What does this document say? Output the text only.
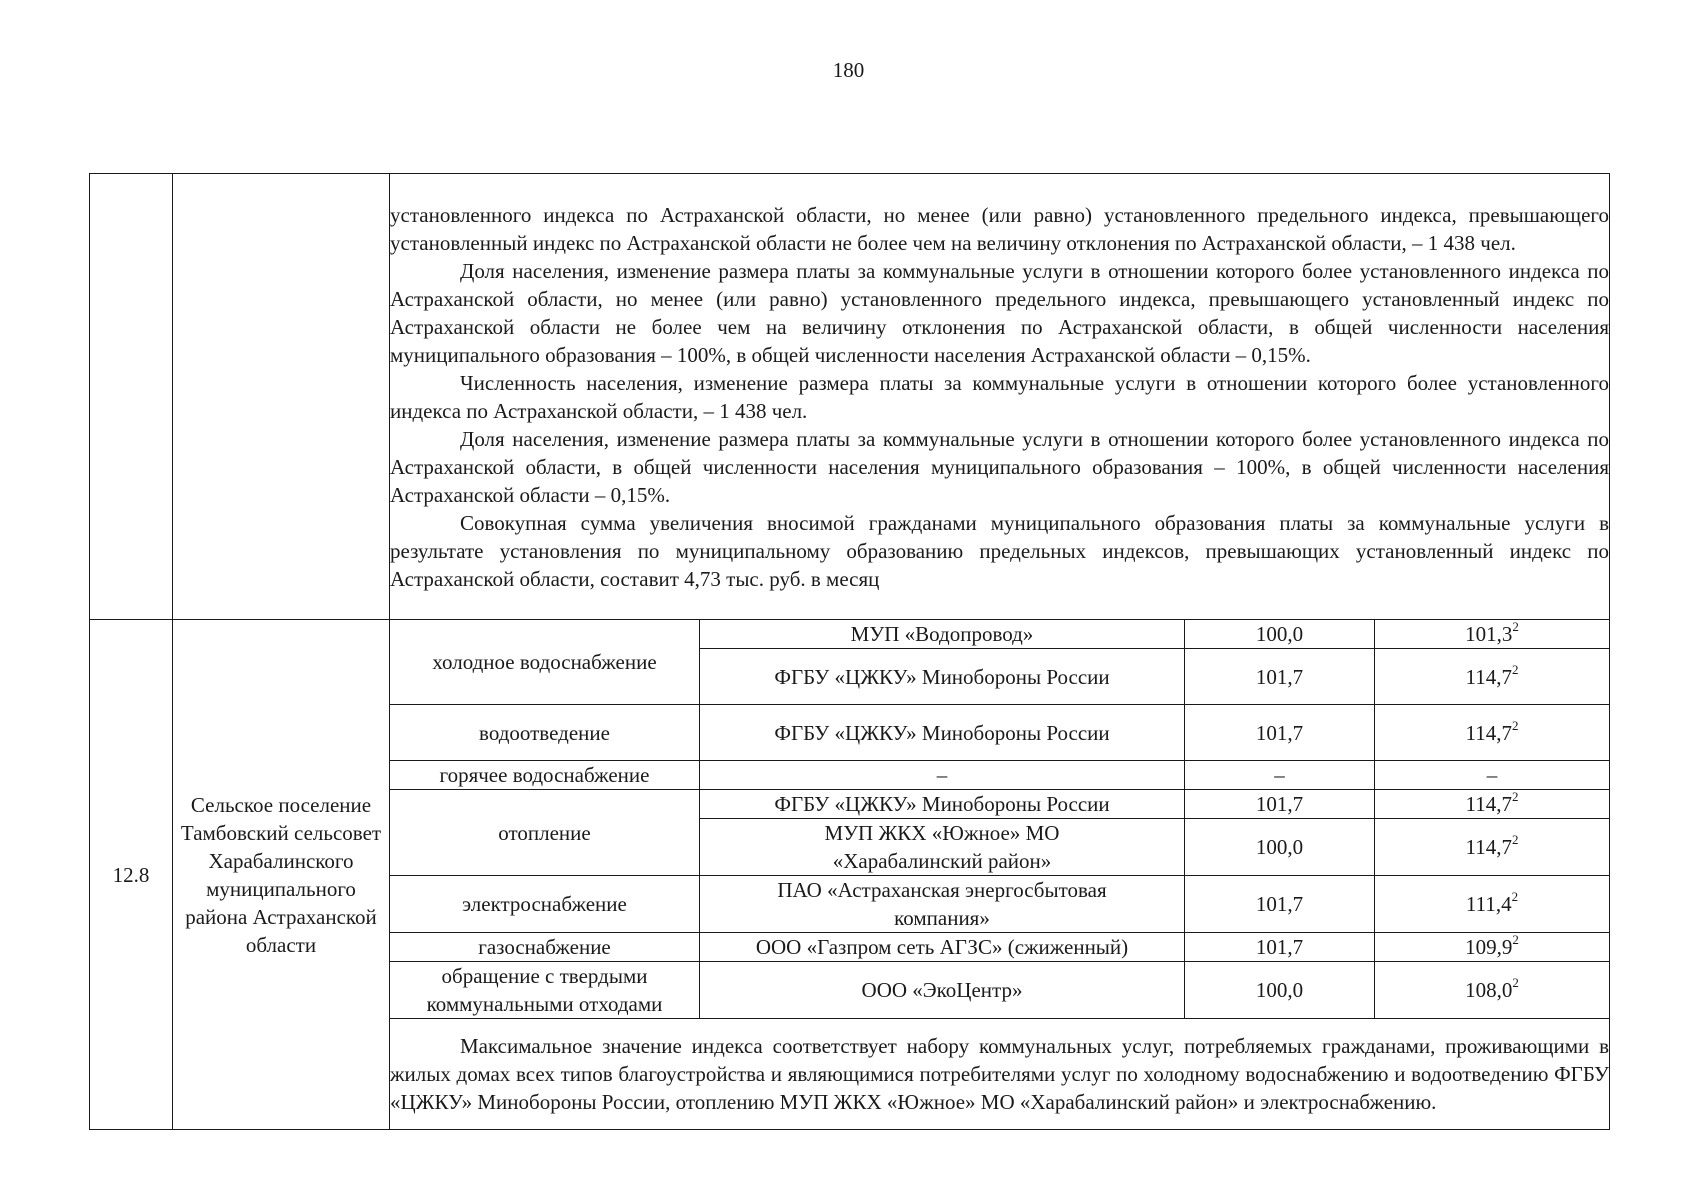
180

		установленного индекса по Астраханской области, но менее (или равно) установленного предельного индекса, превышающего установленный индекс по Астраханской области не более чем на величину отклонения по Астраханской области, – 1 438 чел.

Доля населения, изменение размера платы за коммунальные услуги в отношении которого более установленного индекса по Астраханской области, но менее (или равно) установленного предельного индекса, превышающего установленный индекс по Астраханской области не более чем на величину отклонения по Астраханской области, в общей численности населения муниципального образования – 100%, в общей численности населения Астраханской области – 0,15%.

Численность населения, изменение размера платы за коммунальные услуги в отношении которого более установленного индекса по Астраханской области, – 1 438 чел.

Доля населения, изменение размера платы за коммунальные услуги в отношении которого более установленного индекса по Астраханской области, в общей численности населения муниципального образования – 100%, в общей численности населения Астраханской области – 0,15%.

Совокупная сумма увеличения вносимой гражданами муниципального образования платы за коммунальные услуги в результате установления по муниципальному образованию предельных индексов, превышающих установленный индекс по Астраханской области, составит 4,73 тыс. руб. в месяц			

12.8	Сельское поселение Тамбовский сельсовет Харабалинского муниципального района Астраханской области	холодное водоснабжение	МУП «Водопровод»	100,0	101,3$^2$
			ФГБУ «ЦЖКУ» Минобороны России	101,7	114,7$^2$
		водоотведение	ФГБУ «ЦЖКУ» Минобороны России	101,7	114,7$^2$
		горячее водоснабжение	–	–	–
		отопление	ФГБУ «ЦЖКУ» Минобороны России	101,7	114,7$^2$
			МУП ЖКХ «Южное» МО «Харабалинский район»	100,0	114,7$^2$
		электроснабжение	ПАО «Астраханская энергосбытовая компания»	101,7	111,4$^2$
		газоснабжение	ООО «Газпром сеть АГЗС» (сжиженный)	101,7	109,9$^2$
		обращение с твердыми коммунальными отходами	ООО «ЭкоЦентр»	100,0	108,0$^2$

		Максимальное значение индекса соответствует набору коммунальных услуг, потребляемых гражданами, проживающими в жилых домах всех типов благоустройства и являющимися потребителями услуг по холодному водоснабжению и водоотведению ФГБУ «ЦЖКУ» Минобороны России, отоплению МУП ЖКХ «Южное» МО «Харабалинский район» и электроснабжению.			
